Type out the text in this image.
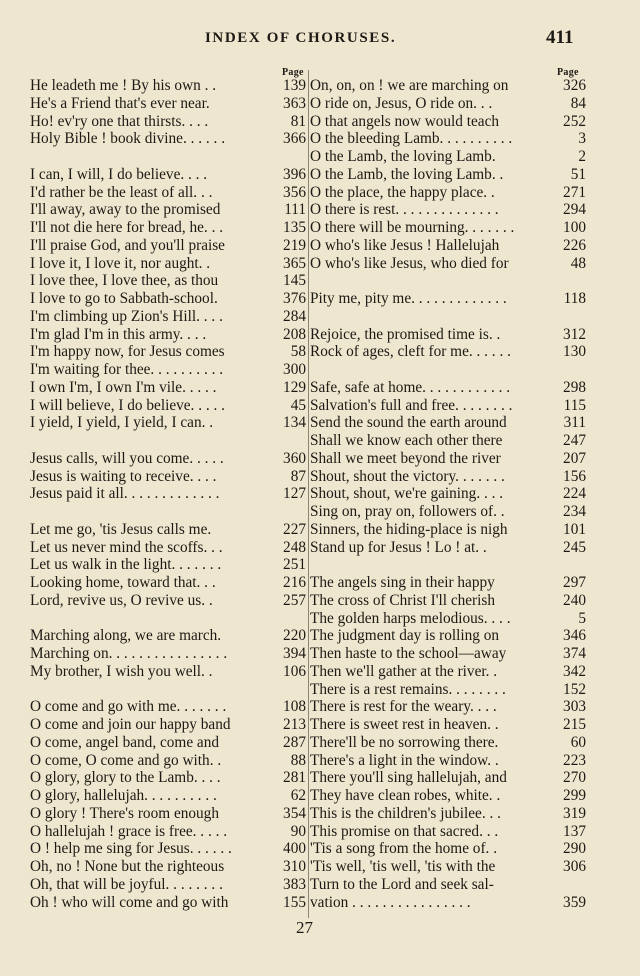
INDEX OF CHORUSES.	411
Page	Page
He leadeth me ! By his own . .	139
He's a Friend that's ever near.	363
Ho! ev'ry one that thirsts. . . .	81
Holy Bible ! book divine. . . . . .	366
I can, I will, I do believe. . . .	396
I'd rather be the least of all. . .	356
I'll away, away to the promised	111
I'll not die here for bread, he. . .	135
I'll praise God, and you'll praise	219
I love it, I love it, nor aught. .	365
I love thee, I love thee, as thou	145
I love to go to Sabbath-school.	376
I'm climbing up Zion's Hill. . . .	284
I'm glad I'm in this army. . . .	208
I'm happy now, for Jesus comes	58
I'm waiting for thee. . . . . . . . . .	300
I own I'm, I own I'm vile. . . . .	129
I will believe, I do believe. . . . .	45
I yield, I yield, I yield, I can. .	134
Jesus calls, will you come. . . . .	360
Jesus is waiting to receive. . . .	87
Jesus paid it all. . . . . . . . . . . . .	127
Let me go, 'tis Jesus calls me.	227
Let us never mind the scoffs. . .	248
Let us walk in the light. . . . . . .	251
Looking home, toward that. . .	216
Lord, revive us, O revive us. .	257
Marching along, we are march.	220
Marching on. . . . . . . . . . . . . . . .	394
My brother, I wish you well. .	106
O come and go with me. . . . . . .	108
O come and join our happy band	213
O come, angel band, come and	287
O come, O come and go with. .	88
O glory, glory to the Lamb. . . .	281
O glory, hallelujah. . . . . . . . . .	62
O glory ! There's room enough	354
O hallelujah ! grace is free. . . . .	90
O ! help me sing for Jesus. . . . . .	400
Oh, no ! None but the righteous	310
Oh, that will be joyful. . . . . . . .	383
Oh ! who will come and go with	155
On, on, on ! we are marching on	326
O ride on, Jesus, O ride on. . .	84
O that angels now would teach	252
O the bleeding Lamb. . . . . . . . . .	3
O the Lamb, the loving Lamb.	2
O the Lamb, the loving Lamb. .	51
O the place, the happy place. .	271
O there is rest. . . . . . . . . . . . . .	294
O there will be mourning. . . . . . .	100
O who's like Jesus ! Hallelujah	226
O who's like Jesus, who died for	48
Pity me, pity me. . . . . . . . . . . . .	118
Rejoice, the promised time is. .	312
Rock of ages, cleft for me. . . . . .	130
Safe, safe at home. . . . . . . . . . . .	298
Salvation's full and free. . . . . . . .	115
Send the sound the earth around	311
Shall we know each other there	247
Shall we meet beyond the river	207
Shout, shout the victory. . . . . . .	156
Shout, shout, we're gaining. . . .	224
Sing on, pray on, followers of. .	234
Sinners, the hiding-place is nigh	101
Stand up for Jesus ! Lo ! at. .	245
The angels sing in their happy	297
The cross of Christ I'll cherish	240
The golden harps melodious. . . .	5
The judgment day is rolling on	346
Then haste to the school—away	374
Then we'll gather at the river. .	342
There is a rest remains. . . . . . . .	152
There is rest for the weary. . . .	303
There is sweet rest in heaven. .	215
There'll be no sorrowing there.	60
There's a light in the window. .	223
There you'll sing hallelujah, and	270
They have clean robes, white. .	299
This is the children's jubilee. . .	319
This promise on that sacred. . .	137
'Tis a song from the home of. .	290
'Tis well, 'tis well, 'tis with the	306
Turn to the Lord and seek sal-
vation . . . . . . . . . . . . . . . .	359
27
